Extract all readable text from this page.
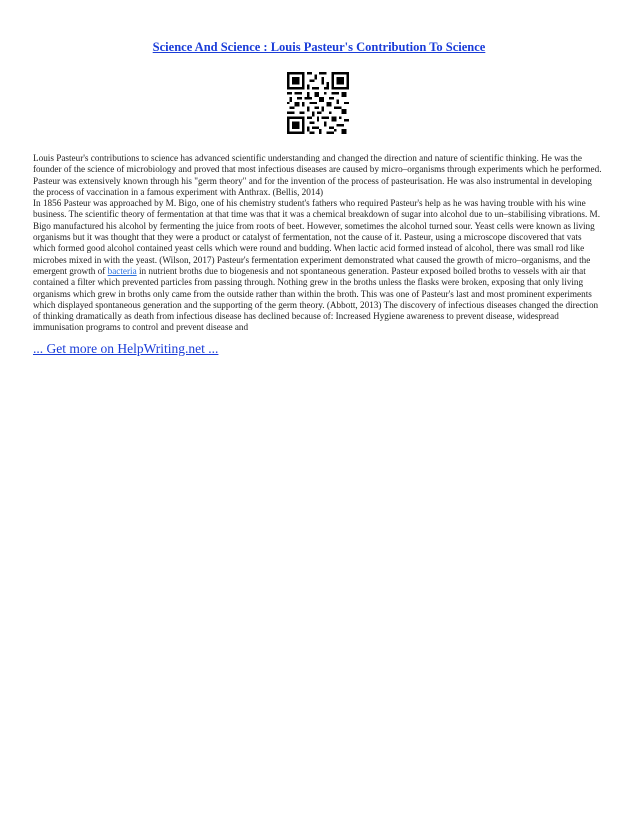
Science And Science : Louis Pasteur's Contribution To Science

Louis Pasteur's contributions to science has advanced scientific understanding and changed the direction and nature of scientific thinking. He was the founder of the science of microbiology and proved that most infectious diseases are caused by micro–organisms through experiments which he performed. Pasteur was extensively known through his "germ theory" and for the invention of the process of pasteurisation. He was also instrumental in developing the process of vaccination in a famous experiment with Anthrax. (Bellis, 2014)

In 1856 Pasteur was approached by M. Bigo, one of his chemistry student's fathers who required Pasteur's help as he was having trouble with his wine business. The scientific theory of fermentation at that time was that it was a chemical breakdown of sugar into alcohol due to un–stabilising vibrations. M. Bigo manufactured his alcohol by fermenting the juice from roots of beet. However, sometimes the alcohol turned sour. Yeast cells were known as living organisms but it was thought that they were a product or catalyst of fermentation, not the cause of it. Pasteur, using a microscope discovered that vats which formed good alcohol contained yeast cells which were round and budding. When lactic acid formed instead of alcohol, there was small rod like microbes mixed in with the yeast. (Wilson, 2017) Pasteur's fermentation experiment demonstrated what caused the growth of micro–organisms, and the emergent growth of bacteria in nutrient broths due to biogenesis and not spontaneous generation. Pasteur exposed boiled broths to vessels with air that contained a filter which prevented particles from passing through. Nothing grew in the broths unless the flasks were broken, exposing that only living organisms which grew in broths only came from the outside rather than within the broth. This was one of Pasteur's last and most prominent experiments which displayed spontaneous generation and the supporting of the germ theory. (Abbott, 2013) The discovery of infectious diseases changed the direction of thinking dramatically as death from infectious disease has declined because of: Increased Hygiene awareness to prevent disease, widespread immunisation programs to control and prevent disease and

... Get more on HelpWriting.net ...
